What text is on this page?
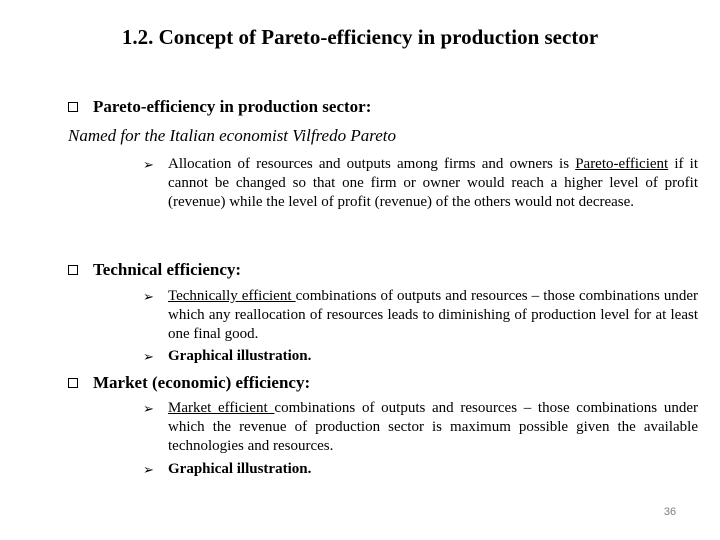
1.2. Concept of Pareto-efficiency in production sector
Pareto-efficiency in production sector:
Named for the Italian economist Vilfredo Pareto
➢ Allocation of resources and outputs among firms and owners is Pareto-efficient if it cannot be changed so that one firm or owner would reach a higher level of profit (revenue) while the level of profit (revenue) of the others would not decrease.
Technical efficiency:
➢ Technically efficient combinations of outputs and resources – those combinations under which any reallocation of resources leads to diminishing of production level for at least one final good.
➢ Graphical illustration.
Market (economic) efficiency:
➢ Market efficient combinations of outputs and resources – those combinations under which the revenue of production sector is maximum possible given the available technologies and resources.
➢ Graphical illustration.
36
